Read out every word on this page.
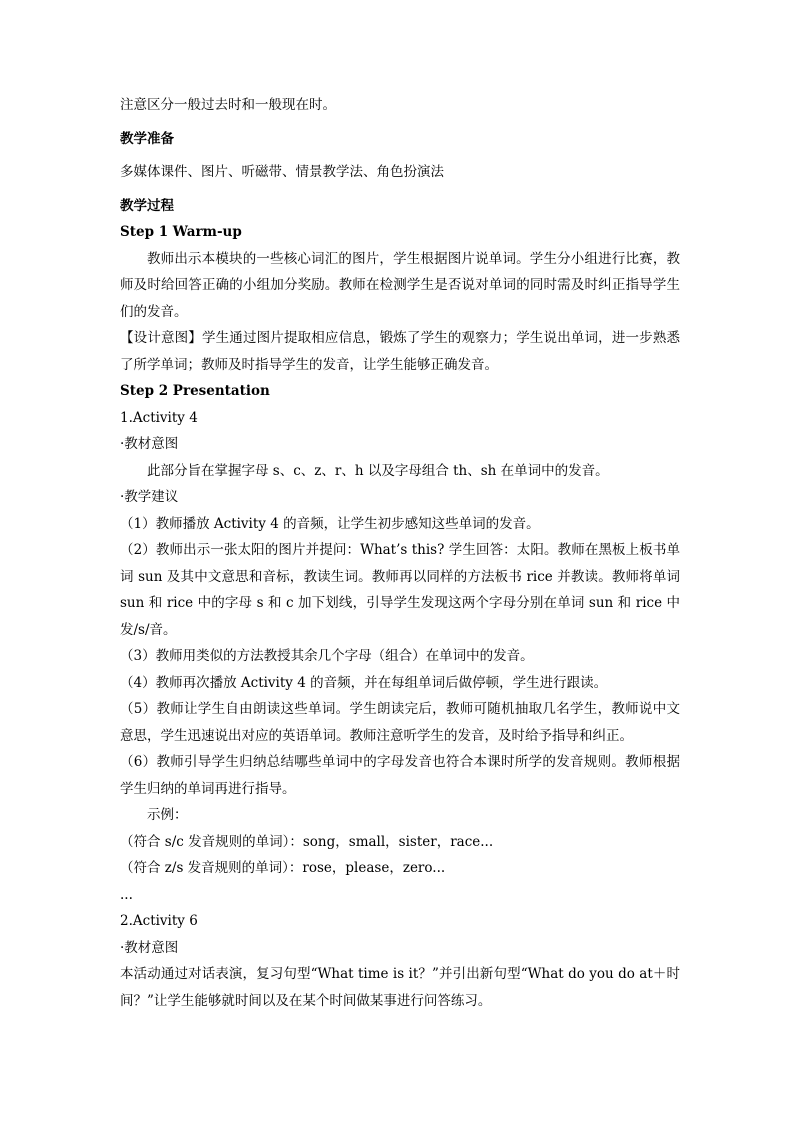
注意区分一般过去时和一般现在时。

教学准备

多媒体课件、图片、听磁带、情景教学法、角色扮演法

教学过程

Step 1 Warm-up

教师出示本模块的一些核心词汇的图片，学生根据图片说单词。学生分小组进行比赛，教师及时给回答正确的小组加分奖励。教师在检测学生是否说对单词的同时需及时纠正指导学生们的发音。

【设计意图】学生通过图片提取相应信息，锻炼了学生的观察力；学生说出单词，进一步熟悉了所学单词；教师及时指导学生的发音，让学生能够正确发音。

Step 2 Presentation

1.Activity 4

·教材意图

此部分旨在掌握字母 s、c、z、r、h 以及字母组合 th、sh 在单词中的发音。

·教学建议

（1）教师播放 Activity 4 的音频，让学生初步感知这些单词的发音。

（2）教师出示一张太阳的图片并提问：What’s this? 学生回答：太阳。教师在黑板上板书单词 sun 及其中文意思和音标，教读生词。教师再以同样的方法板书 rice 并教读。教师将单词 sun 和 rice 中的字母 s 和 c 加下划线，引导学生发现这两个字母分别在单词 sun 和 rice 中发/s/音。

（3）教师用类似的方法教授其余几个字母（组合）在单词中的发音。

（4）教师再次播放 Activity 4 的音频，并在每组单词后做停顿，学生进行跟读。

（5）教师让学生自由朗读这些单词。学生朗读完后，教师可随机抽取几名学生，教师说中文意思，学生迅速说出对应的英语单词。教师注意听学生的发音，及时给予指导和纠正。

（6）教师引导学生归纳总结哪些单词中的字母发音也符合本课时所学的发音规则。教师根据学生归纳的单词再进行指导。

示例：

（符合 s/c 发音规则的单词）：song，small，sister，race...

（符合 z/s 发音规则的单词）：rose，please，zero...

...

2.Activity 6

·教材意图

本活动通过对话表演，复习句型“What time is it？”并引出新句型“What do you do at＋时间？”让学生能够就时间以及在某个时间做某事进行问答练习。
